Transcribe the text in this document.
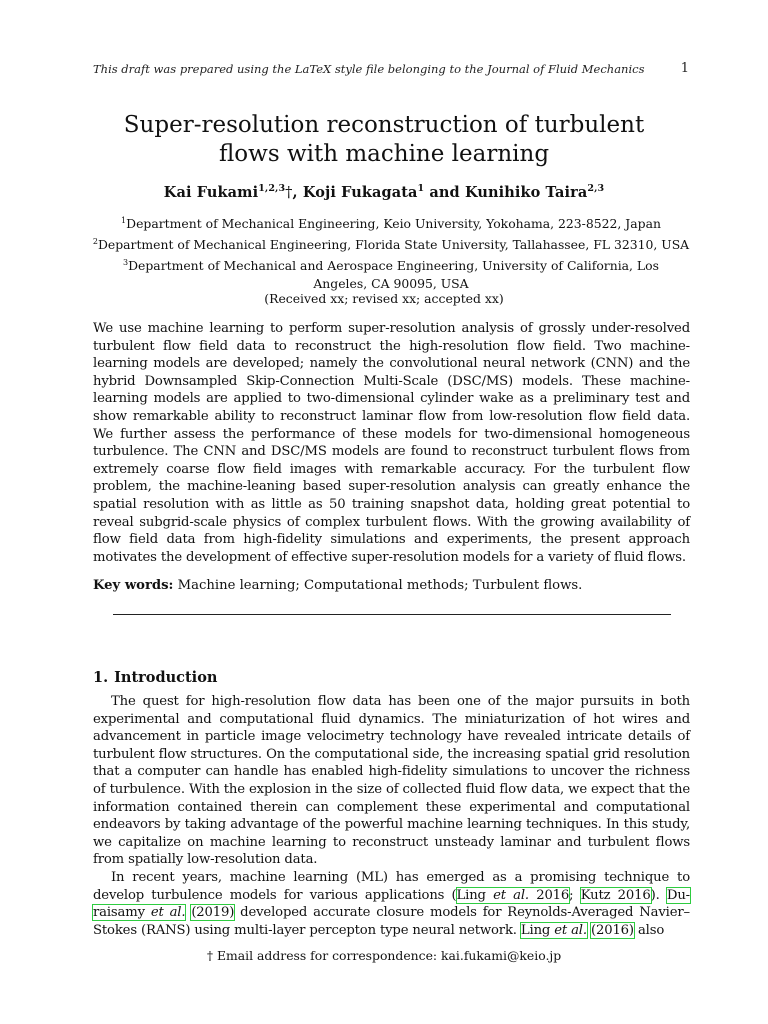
This draft was prepared using the LaTeX style file belonging to the Journal of Fluid Mechanics	1
Super-resolution reconstruction of turbulent
flows with machine learning
Kai Fukami$^{1,2,3}$†, Koji Fukagata$^1$ and Kunihiko Taira$^{2,3}$
$^1$Department of Mechanical Engineering, Keio University, Yokohama, 223-8522, Japan
$^2$Department of Mechanical Engineering, Florida State University, Tallahassee, FL 32310, USA
$^3$Department of Mechanical and Aerospace Engineering, University of California, Los Angeles, CA 90095, USA
(Received xx; revised xx; accepted xx)

We use machine learning to perform super-resolution analysis of grossly under-resolved turbulent flow field data to reconstruct the high-resolution flow field. Two machine-learning models are developed; namely the convolutional neural network (CNN) and the hybrid Downsampled Skip-Connection Multi-Scale (DSC/MS) models. These machine-learning models are applied to two-dimensional cylinder wake as a preliminary test and show remarkable ability to reconstruct laminar flow from low-resolution flow field data. We further assess the performance of these models for two-dimensional homogeneous turbulence. The CNN and DSC/MS models are found to reconstruct turbulent flows from extremely coarse flow field images with remarkable accuracy. For the turbulent flow problem, the machine-leaning based super-resolution analysis can greatly enhance the spatial resolution with as little as 50 training snapshot data, holding great potential to reveal subgrid-scale physics of complex turbulent flows. With the growing availability of flow field data from high-fidelity simulations and experiments, the present approach motivates the development of effective super-resolution models for a variety of fluid flows.

Key words: Machine learning; Computational methods; Turbulent flows.
1. Introduction

The quest for high-resolution flow data has been one of the major pursuits in both experimental and computational fluid dynamics. The miniaturization of hot wires and advancement in particle image velocimetry technology have revealed intricate details of turbulent flow structures. On the computational side, the increasing spatial grid resolution that a computer can handle has enabled high-fidelity simulations to uncover the richness of turbulence. With the explosion in the size of collected fluid flow data, we expect that the information contained therein can complement these experimental and computational endeavors by taking advantage of the powerful machine learning techniques. In this study, we capitalize on machine learning to reconstruct unsteady laminar and turbulent flows from spatially low-resolution data.

In recent years, machine learning (ML) has emerged as a promising technique to develop turbulence models for various applications (Ling et al. 2016; Kutz 2016). Du-raisamy et al. (2019) developed accurate closure models for Reynolds-Averaged Navier–Stokes (RANS) using multi-layer percepton type neural network. Ling et al. (2016) also

† Email address for correspondence: kai.fukami@keio.jp
